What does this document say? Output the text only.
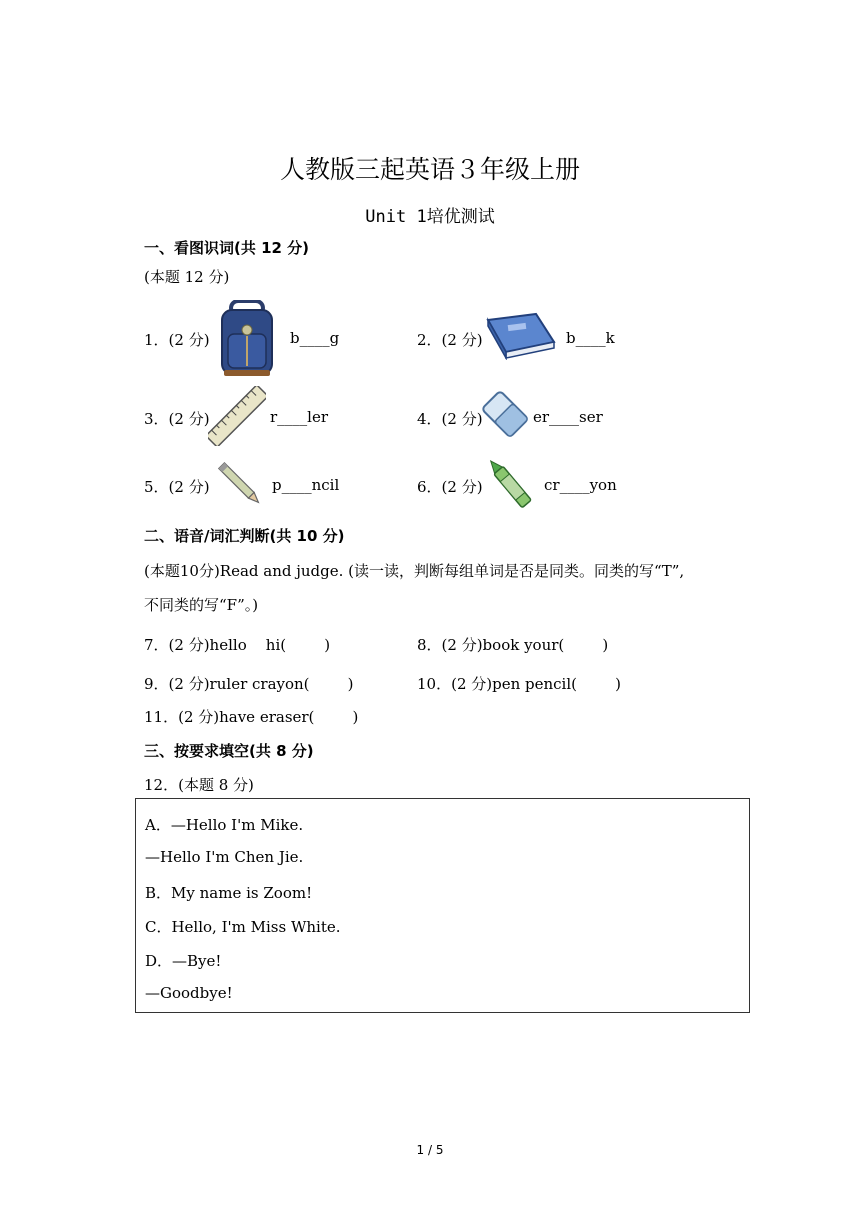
人教版三起英语３年级上册
Unit 1培优测试
一、看图识词(共 12 分)
(本题 12 分)
1．(2 分)	b____g	2．(2 分)	b____k
3．(2 分)	r____ler	4．(2 分)	er____ser
5．(2 分)	p____ncil	6．(2 分)	cr____yon
二、语音/词汇判断(共 10 分)
(本题10分)Read and judge. (读一读，判断每组单词是否是同类。同类的写“T”,
不同类的写“F”。)
7．(2 分)hello    hi(        )	8．(2 分)book your(        )
9．(2 分)ruler crayon(        )	10．(2 分)pen pencil(        )
11．(2 分)have eraser(        )
三、按要求填空(共 8 分)
12．(本题 8 分)
A．—Hello I'm Mike.
—Hello I'm Chen Jie.
B．My name is Zoom!
C．Hello, I'm Miss White.
D．—Bye!
—Goodbye!
1 / 5
